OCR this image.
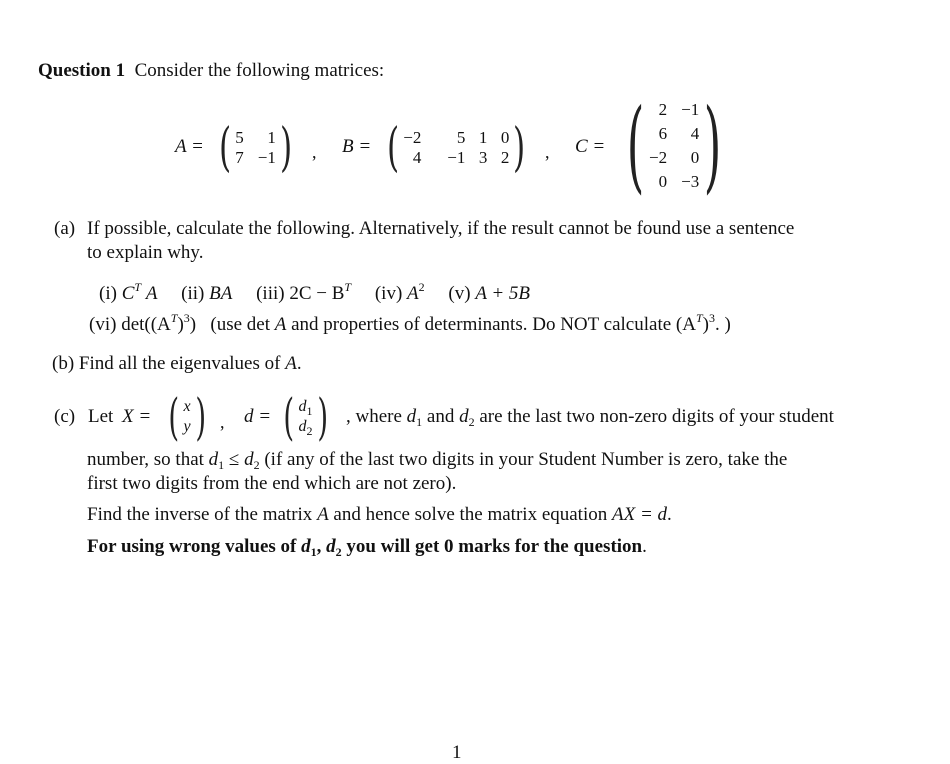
Question 1 Consider the following matrices:
A = ( 5	1
7 −1 ) , B = ( −2	5 1 0
4	−1 3 2 ) , C = ( 2 −1
6	4
−2	0
0 −3 )
(a) If possible, calculate the following. Alternatively, if the result cannot be found use a sentence
to explain why.
(i) $C^T$ A (ii) BA (iii) $2C - B^T$ (iv) $A^2$ (v) A + 5B
(vi) $\det((A^T)^3)$ (use det A and properties of determinants. Do NOT calculate $(A^T)^3$. )
(b) Find all the eigenvalues of A.
(c) Let X = ( x
y ) , d = ( $d_1$
$d_2$ ) , where $d_1$ and $d_2$ are the last two non-zero digits of your student
number, so that $d_1 \le d_2$ (if any of the last two digits in your Student Number is zero, take the
first two digits from the end which are not zero).
Find the inverse of the matrix A and hence solve the matrix equation AX = d.
For using wrong values of $d_1$, $d_2$ you will get 0 marks for the question.
1
